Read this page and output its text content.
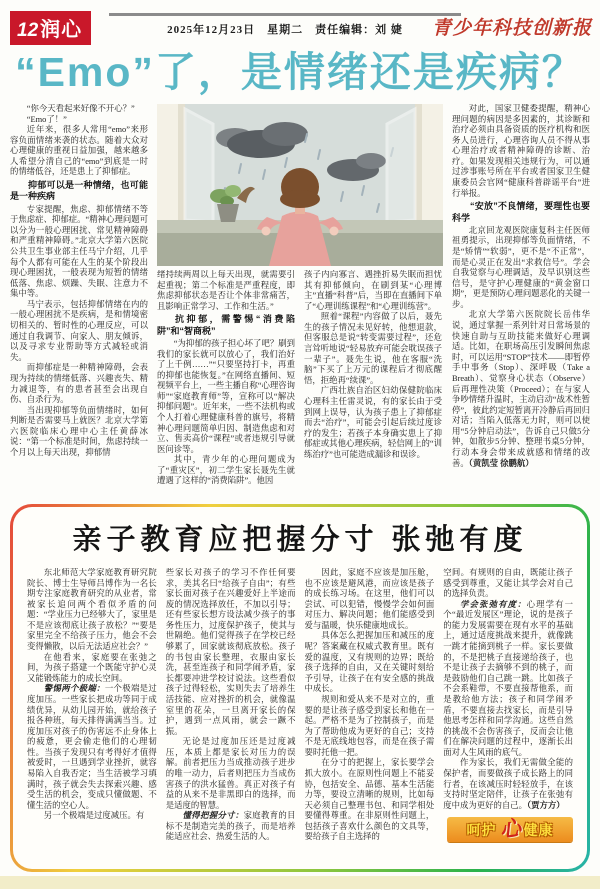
12 润心	2025年12月23日　星期二　责任编辑：刘 婕	青少年科技创新报
“Emo”了，是情绪还是疾病？

“你今天看起来好像不开心？”

“Emo了！”

近年来，很多人常用“emo”来形容负面情绪来袭的状态。随着大众对心理健康的重视日益加强，越来越多人希望分清自己的“emo”到底是一时的情绪低谷，还是患上了抑郁症。

抑郁可以是一种情绪，也可能是一种疾病

专家提醒，焦虑、抑郁情绪不等于焦虑症、抑郁症。“精神心理问题可以分为一般心理困扰、常见精神障碍和严重精神障碍。”北京大学第六医院公共卫生事业部主任马宁介绍，几乎每个人都有可能在人生的某个阶段出现心理困扰，一般表现为短暂的情绪低落、焦虑、烦躁、失眠、注意力不集中等。

马宁表示，包括抑郁情绪在内的一般心理困扰不是疾病，是和情境密切相关的、暂时性的心理反应，可以通过自我调节、向家人、朋友倾诉，以及寻求专业帮助等方式减轻或消失。

而抑郁症是一种精神障碍，会表现为持续的情绪低落、兴趣丧失、精力减退等，有的患者甚至会出现自伤、自杀行为。

当出现抑郁等负面情绪时，如何判断是否需要马上就医？北京大学第六医院临床心理中心主任黄薛冰说：“第一个标准是时间，焦虑持续一个月以上每天出现，抑郁情

绪持续两周以上每天出现，就需要引起重视；第二个标准是严重程度，即焦虑抑郁状态是否让个体非常痛苦，且影响正常学习、工作和生活。”

抗抑郁，需警惕“消费陷阱”和“智商税”

“为抑郁的孩子担心坏了吧？刷到我们的家长就可以放心了，我们治好了上千例……”“只要坚持打卡，再重的抑郁也能恢复。”在网络直播间、短视频平台上，一些主播自称“心理咨询师”“家庭教育师”等，宣称可以“解决抑郁问题”。近年来，一些不法机构或个人打着心理健康科普的旗号，将精神心理问题简单归因、制造焦虑和对立、售卖高价“课程”或者违规引导就医问诊等。

其中，青少年的心理问题成为了“重灾区”，初二学生家长聂先生就遭遇了这样的“消费陷阱”。他因

孩子内向寡言、遇挫折易失眠而担忧其有抑郁倾向，在刷到某“心理博主”直播“科普”后，当即在直播间下单了“心理训练课程”和“心理训练营”。

照着“课程”内容做了以后，聂先生的孩子情况未见好转，他想退款，但客服总是说“转变需要过程”，还危言耸听地说“轻易放弃可能会耽误孩子一辈子”。聂先生说，他在客服“洗脑”下买了上万元的课程后才彻底醒悟，拒绝再“续课”。

广西壮族自治区妇幼保健院临床心理科主任雷灵说，有的家长由于受到网上误导，认为孩子患上了抑郁症而去“治疗”，可能会引起后续过度诊疗的发生；若孩子本身确实患上了抑郁症或其他心理疾病，轻信网上的“训练治疗”也可能造成漏诊和误诊。

对此，国家卫健委提醒，精神心理问题的病因是多因素的，其诊断和治疗必须由具备资质的医疗机构和医务人员进行，心理咨询人员不得从事心理治疗或者精神障碍的诊断、治疗。如果发现相关违规行为，可以通过涉事账号所在平台或者国家卫生健康委员会官网“健康科普辟谣平台”进行举报。

“安放”不良情绪，要理性也要科学

北京回龙观医院康复科主任医师祖勇提示，出现抑郁等负面情绪，不是“矫情”“软弱”，更不是“不正常”，而是心灵正在发出“求救信号”。学会自我觉察与心理调适，及早识别这些信号，是守护心理健康的“黄金窗口期”，更是预防心理问题恶化的关键一步。

北京大学第六医院院长岳伟华说，通过掌握一系列针对日常场景的快速自助与互助技能来做好心理调适。比如，在职场高压引发瞬间焦虑时，可以运用“STOP”技术——即暂停手中事务（Stop）、深呼吸（Take a Breath）、觉察身心状态（Observe）后再理性决策（Proceed）；在与家人争吵情绪升温时，主动启动“战术性暂停”，彼此约定短暂离开冷静后再回归对话；当陷入低落无力时，则可以使用“5分钟启动法”，告诉自己只做5分钟，如散步5分钟、整理书桌5分钟，行动本身会带来成就感和情绪的改善。（黄凯莹 徐鹏航）

亲子教育应把握分寸 张弛有度

东北师范大学家庭教育研究院院长、博士生导师吕博作为一名长期专注家庭教育研究的从业者，常被家长追问两个看似矛盾的问题：“学业压力已经够大了，家里是不是应该彻底让孩子放松？”“要是家里完全不给孩子压力，他会不会变得懒散，以后无法适应社会？”

在他看来，家庭要在张弛之间，为孩子搭建一个既能守护心灵又能锻炼能力的成长空间。

警惕两个极端：一个极端是过度加压。一些家长把成功等同于成绩优异，从幼儿园开始，就给孩子报各种班，每天排得满满当当。过度加压对孩子的伤害远不止身体上的疲惫，更会偷走他们的心理韧性。当孩子发现只有考得好才值得被爱时，一旦遇到学业挫折，就容易陷入自我否定；当生活被学习填满时，孩子就会失去探索兴趣、感受生活的机会，变成只懂做题、不懂生活的空心人。

另一个极端是过度减压。有

些家长对孩子的学习不作任何要求，美其名曰“给孩子自由”；有些家长面对孩子在兴趣爱好上半途而废的情况选择放任，不加以引导；还有些家长想方设法减少孩子的事务性压力，过度保护孩子，使其与世隔绝。他们觉得孩子在学校已经够累了，回家就该彻底放松。孩子的书包由家长整理，衣服由家长洗，甚至连孩子和同学闹矛盾，家长都要冲进学校讨说法。这些看似孩子过得轻松，实则失去了培养生活技能、应对挫折的机会，就像温室里的花朵，一旦离开家长的保护，遇到一点风雨，就会一蹶不振。

无论是过度加压还是过度减压，本质上都是家长对压力的误解。前者把压力当成推动孩子进步的唯一动力，后者则把压力当成伤害孩子的洪水猛兽。真正对孩子有益的从来不是非黑即白的选择，而是适度的智慧。

懂得把握分寸：家庭教育的目标不是制造完美的孩子，而是培养能适应社会、热爱生活的人。

因此，家庭不应该是加压舱，也不应该是避风港，而应该是孩子的成长练习场。在这里，他们可以尝试、可以犯错，慢慢学会如何面对压力、解决问题；他们能感受到爱与温暖，快乐健康地成长。

具体怎么把握加压和减压的度呢？答案藏在权威式教育里。既有爱的温度，又有规则的边界；既给孩子选择的自由，又在关键时刻给予引导，让孩子在有安全感的挑战中成长。

规则和爱从来不是对立的，重要的是让孩子感受到家长和他在一起。严格不是为了控制孩子，而是为了帮助他成为更好的自己；支持不是无底线地包容，而是在孩子需要时托他一把。

在分寸的把握上，家长要学会抓大放小。在原则性问题上不能妥协，包括安全、品德、基本生活能力等，要设立清晰的规则，比如每天必须自己整理书包、和同学相处要懂得尊重。在非原则性问题上，包括孩子喜欢什么颜色的文具等，要给孩子自主选择的

空间。有规则的自由，既能让孩子感受到尊重，又能让其学会对自己的选择负责。

学会张弛有度：心理学有一个“最近发展区”理论，说的是孩子的能力发展需要在现有水平的基础上，通过适度挑战来提升，就像跳一跳才能摘到桃子一样。家长要做的，不是把桃子直接递给孩子，也不是让孩子去摘够不到的桃子，而是鼓励他们自己跳一跳。比如孩子不会系鞋带，不要直接帮他系，而是教给他方法；孩子和同学闹矛盾，不要直接去找家长，而是引导他思考怎样和同学沟通。这些自然的挑战不会伤害孩子，反而会让他们在解决问题的过程中，逐渐长出面对人生风雨的底气。

作为家长，我们无需做全能的保护者，而要做孩子成长路上的同行者，在该减压时轻轻放手，在该支持时坚定陪伴，让孩子在张弛有度中成为更好的自己。（贾方方）

呵护 心 健康
